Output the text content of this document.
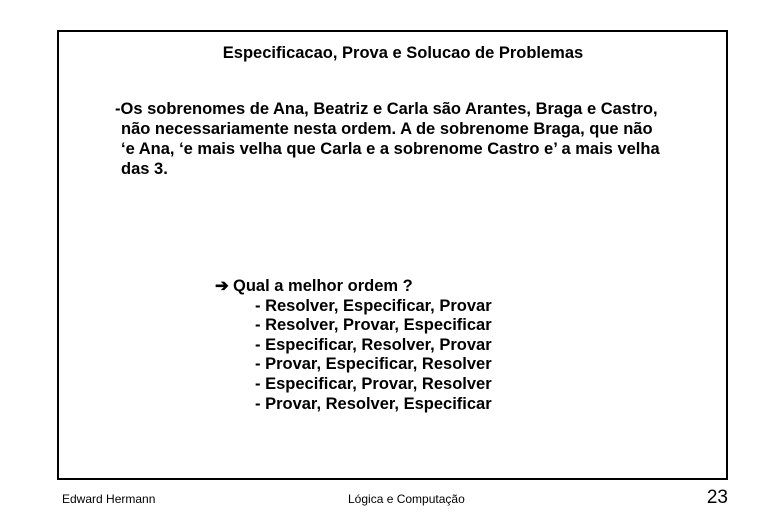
Especificacao, Prova e Solucao de Problemas
-Os sobrenomes de Ana, Beatriz e Carla são Arantes, Braga e Castro,
não necessariamente nesta ordem. A de sobrenome Braga, que não
‘e Ana, ‘e mais velha que Carla e a sobrenome Castro e’ a mais velha
das 3.
➔ Qual a melhor ordem ?
- Resolver, Especificar, Provar
- Resolver, Provar, Especificar
- Especificar, Resolver, Provar
- Provar, Especificar, Resolver
- Especificar, Provar, Resolver
- Provar, Resolver, Especificar
Edward Hermann	Lógica e Computação	23
